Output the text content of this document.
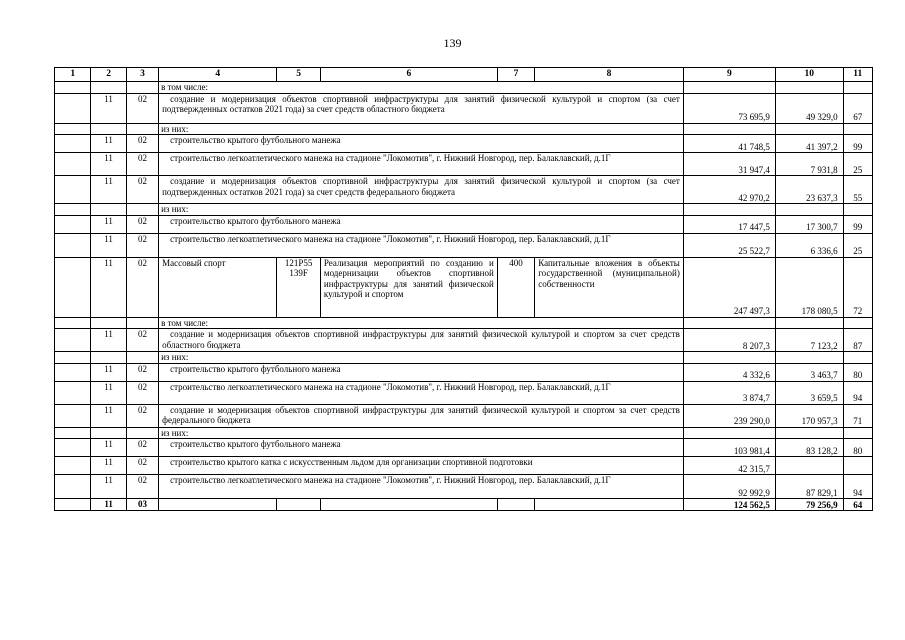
139
1	2	3	4	5	6	7	8	9	10	11
			в том числе:							
	11	02	создание и модернизация объектов спортивной инфраструктуры для занятий физической культурой и спортом (за счет подтвержденных остатков 2021 года) за счет средств областного бюджета					73 695,9	49 329,0	67
			из них:							
	11	02	строительство крытого футбольного манежа					41 748,5	41 397,2	99
	11	02	строительство легкоатлетического манежа на стадионе "Локомотив", г. Нижний Новгород, пер. Балаклавский, д.1Г					31 947,4	7 931,8	25
	11	02	создание и модернизация объектов спортивной инфраструктуры для занятий физической культурой и спортом (за счет подтвержденных остатков 2021 года) за счет средств федерального бюджета					42 970,2	23 637,3	55
			из них:							
	11	02	строительство крытого футбольного манежа					17 447,5	17 300,7	99
	11	02	строительство легкоатлетического манежа на стадионе "Локомотив", г. Нижний Новгород, пер. Балаклавский, д.1Г					25 522,7	6 336,6	25
	11	02	Массовый спорт	121P55 139F	Реализация мероприятий по созданию и модернизации объектов спортивной инфраструктуры для занятий физической культурой и спортом	400	Капитальные вложения в объекты государственной (муниципальной) собственности	247 497,3	178 080,5	72
			в том числе:							
	11	02	создание и модернизация объектов спортивной инфраструктуры для занятий физической культурой и спортом за счет средств областного бюджета					8 207,3	7 123,2	87
			из них:							
	11	02	строительство крытого футбольного манежа					4 332,6	3 463,7	80
	11	02	строительство легкоатлетического манежа на стадионе "Локомотив", г. Нижний Новгород, пер. Балаклавский, д.1Г					3 874,7	3 659,5	94
	11	02	создание и модернизация объектов спортивной инфраструктуры для занятий физической культурой и спортом за счет средств федерального бюджета					239 290,0	170 957,3	71
			из них:							
	11	02	строительство крытого футбольного манежа					103 981,4	83 128,2	80
	11	02	строительство крытого катка с искусственным льдом для организации спортивной подготовки					42 315,7		
	11	02	строительство легкоатлетического манежа на стадионе "Локомотив", г. Нижний Новгород, пер. Балаклавский, д.1Г					92 992,9	87 829,1	94
	11	03						124 562,5	79 256,9	64
